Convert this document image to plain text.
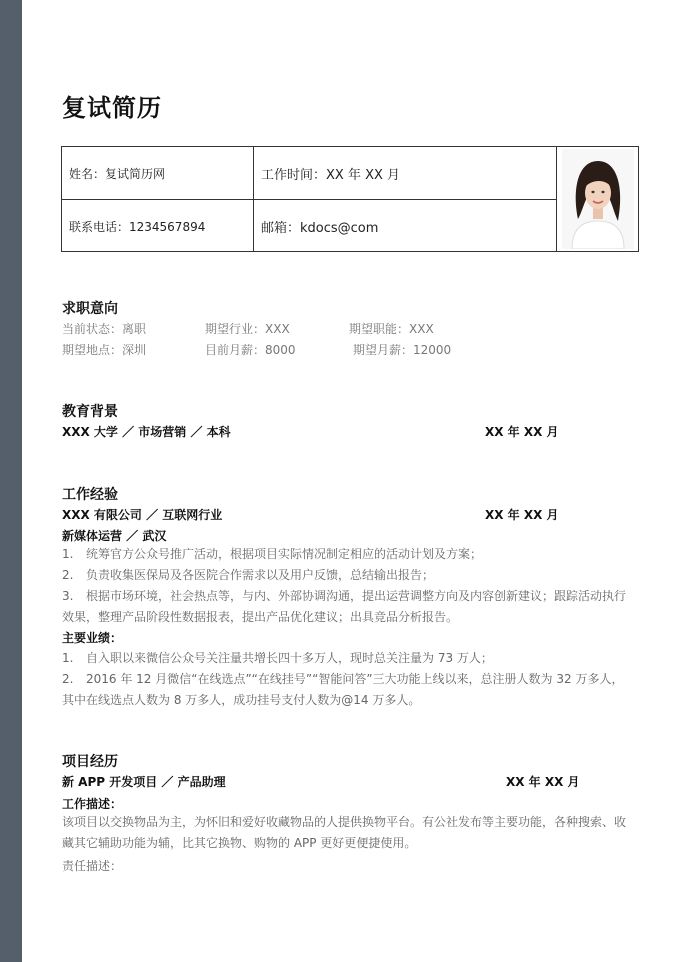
复试简历
姓名：复试简历网	工作时间：XX 年 XX 月
联系电话：1234567894	邮箱：kdocs@com
求职意向
当前状态：离职	期望行业：XXX	期望职能：XXX
期望地点：深圳	目前月薪：8000	期望月薪：12000
教育背景
XXX 大学 ／ 市场营销 ／ 本科	XX 年 XX 月
工作经验
XXX 有限公司 ／ 互联网行业	XX 年 XX 月
新媒体运营 ／ 武汉
1. 统筹官方公众号推广活动，根据项目实际情况制定相应的活动计划及方案；
2. 负责收集医保局及各医院合作需求以及用户反馈，总结输出报告；
3. 根据市场环境，社会热点等，与内、外部协调沟通，提出运营调整方向及内容创新建议；跟踪活动执行效果，整理产品阶段性数据报表，提出产品优化建议；出具竞品分析报告。
主要业绩：
1. 自入职以来微信公众号关注量共增长四十多万人，现时总关注量为 73 万人；
2. 2016 年 12 月微信“在线选点”“在线挂号”“智能问答”三大功能上线以来，总注册人数为 32 万多人，其中在线选点人数为 8 万多人，成功挂号支付人数为@14 万多人。
项目经历
新 APP 开发项目 ／ 产品助理	XX 年 XX 月
工作描述：
该项目以交换物品为主，为怀旧和爱好收藏物品的人提供换物平台。有公社发布等主要功能，各种搜索、收藏其它辅助功能为辅，比其它换物、购物的 APP 更好更便捷使用。
责任描述：
